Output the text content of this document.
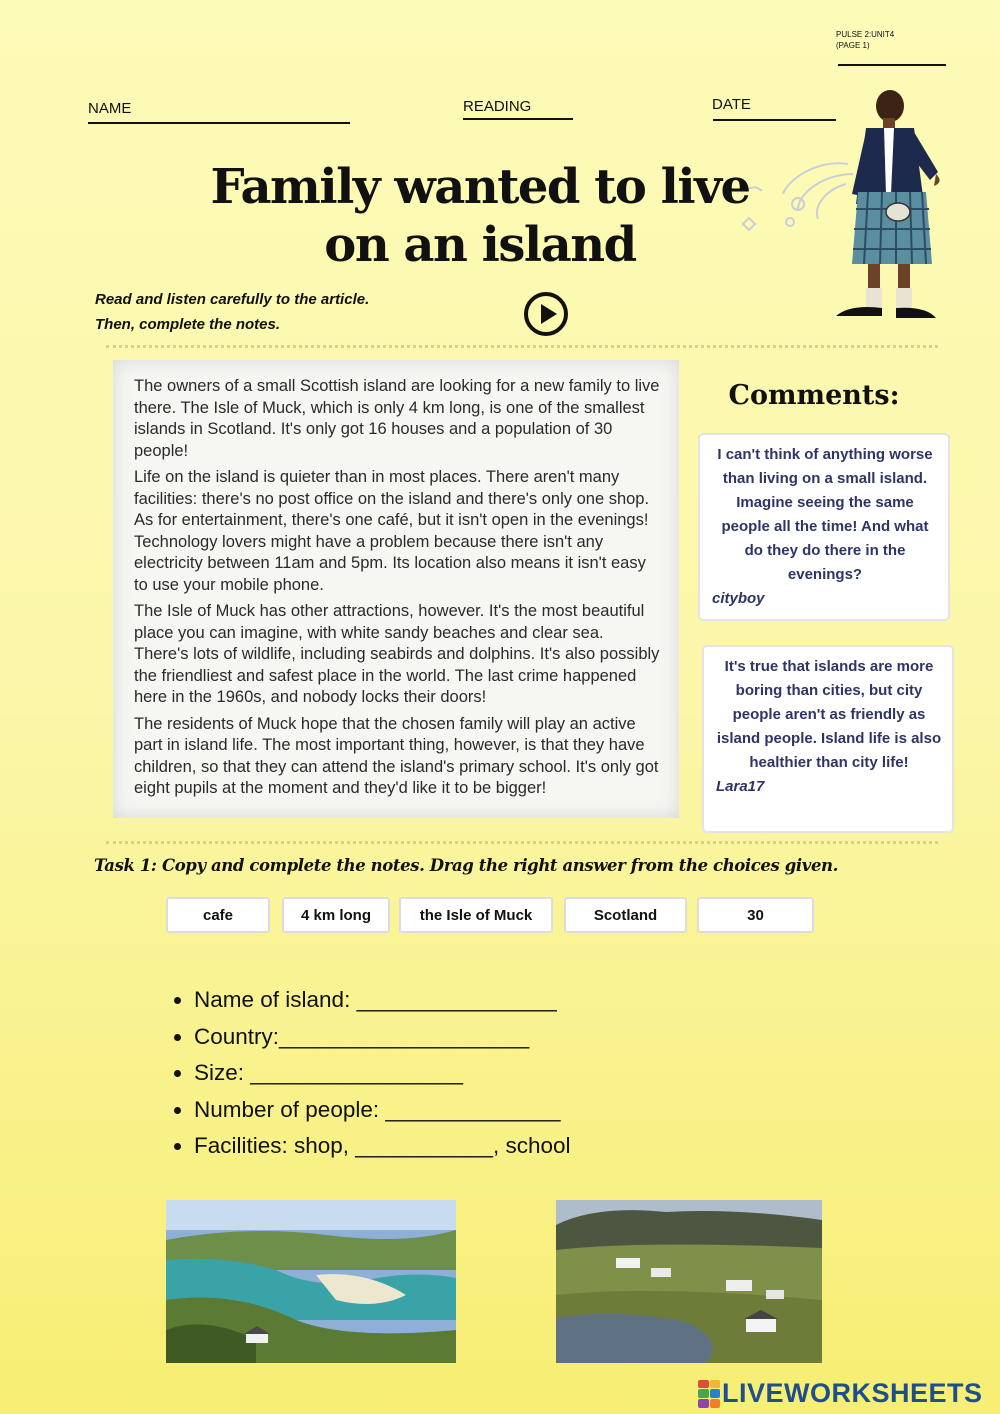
PULSE 2:UNIT4
(PAGE 1)
NAME	READING	DATE
Family wanted to live
on an island
Read and listen carefully to the article.
Then, complete the notes.

The owners of a small Scottish island are looking for a new family to live there. The Isle of Muck, which is only 4 km long, is one of the smallest islands in Scotland. It's only got 16 houses and a population of 30 people!

Life on the island is quieter than in most places. There aren't many facilities: there's no post office on the island and there's only one shop. As for entertainment, there's one café, but it isn't open in the evenings! Technology lovers might have a problem because there isn't any electricity between 11am and 5pm. Its location also means it isn't easy to use your mobile phone.

The Isle of Muck has other attractions, however. It's the most beautiful place you can imagine, with white sandy beaches and clear sea. There's lots of wildlife, including seabirds and dolphins. It's also possibly the friendliest and safest place in the world. The last crime happened here in the 1960s, and nobody locks their doors!

The residents of Muck hope that the chosen family will play an active part in island life. The most important thing, however, is that they have children, so that they can attend the island's primary school. It's only got eight pupils at the moment and they'd like it to be bigger!

Comments:
I can't think of anything worse than living on a small island. Imagine seeing the same people all the time! And what do they do there in the evenings?
cityboy
It's true that islands are more boring than cities, but city people aren't as friendly as island people. Island life is also healthier than city life!
Lara17
Task 1: Copy and complete the notes. Drag the right answer from the choices given.
cafe	4 km long	the Isle of Muck	Scotland	30
• Name of island: ________________
• Country:____________________
• Size: _________________
• Number of people: ______________
• Facilities: shop, ___________, school
LIVEWORKSHEETS
